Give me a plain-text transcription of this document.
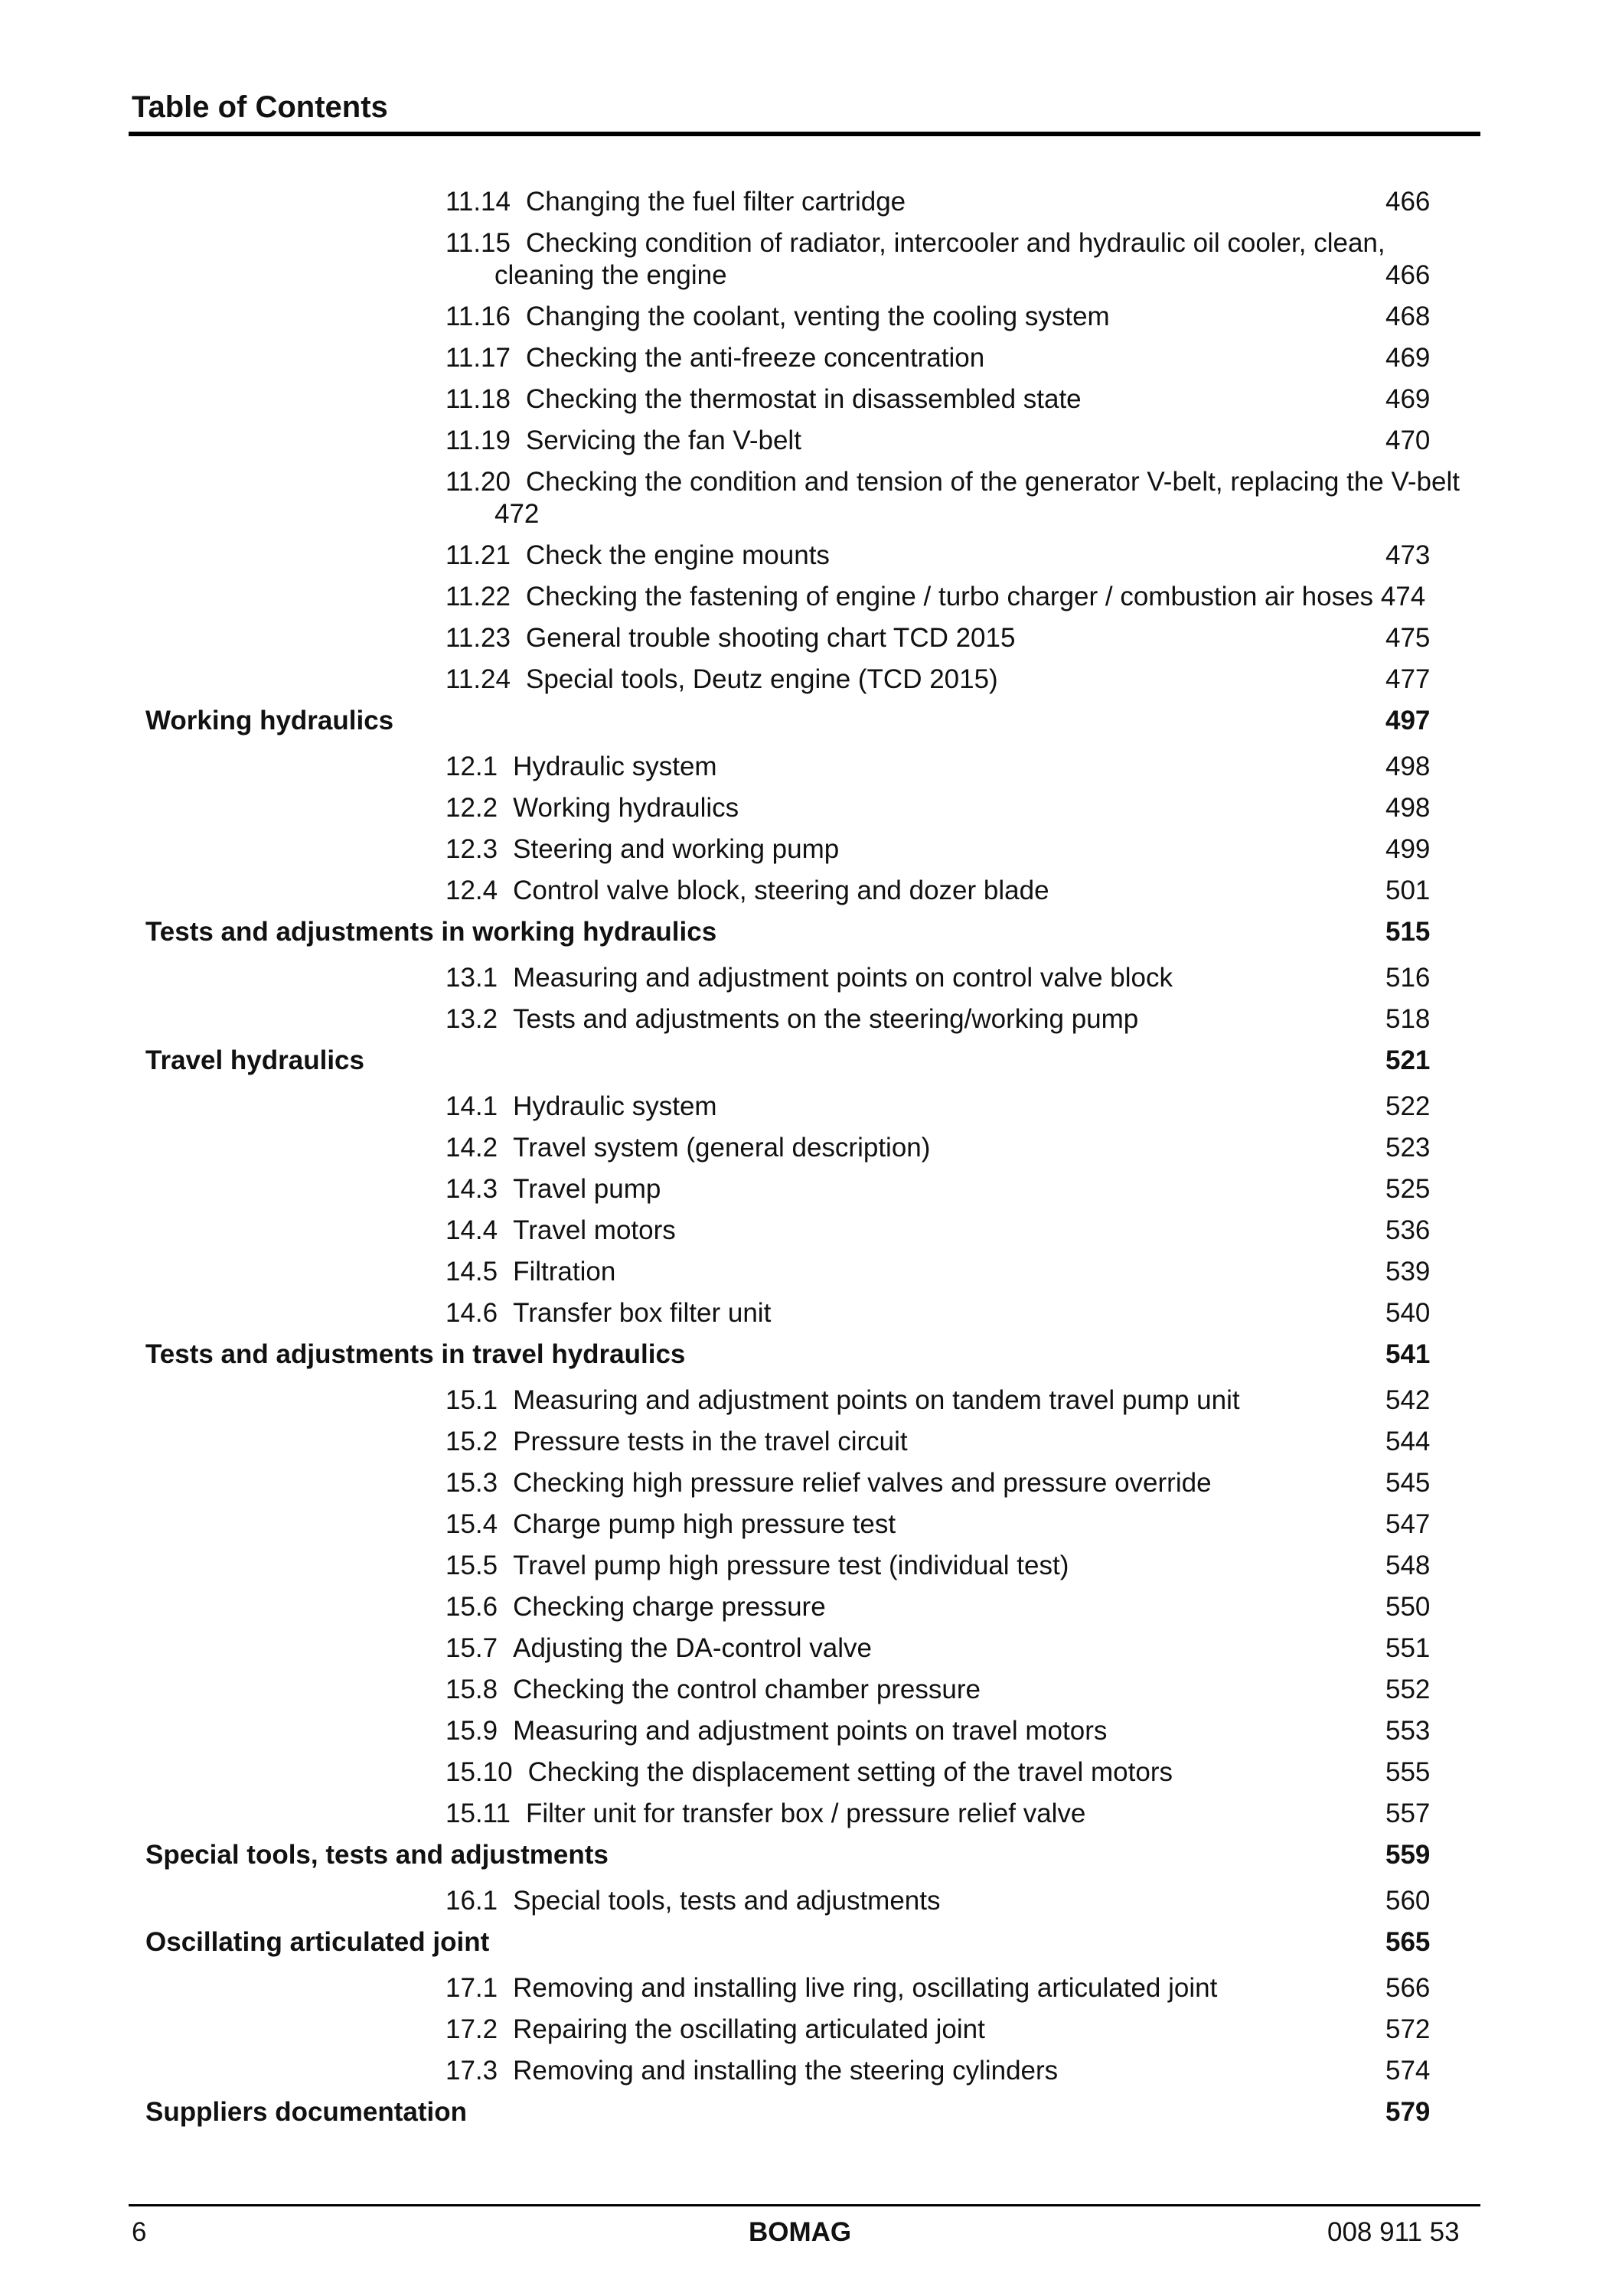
Table of Contents
11.14 Changing the fuel filter cartridge	466
11.15 Checking condition of radiator, intercooler and hydraulic oil cooler, clean,
cleaning the engine	466
11.16 Changing the coolant, venting the cooling system	468
11.17 Checking the anti-freeze concentration	469
11.18 Checking the thermostat in disassembled state	469
11.19 Servicing the fan V-belt	470
11.20 Checking the condition and tension of the generator V-belt, replacing the V-belt
472
11.21 Check the engine mounts	473
11.22 Checking the fastening of engine / turbo charger / combustion air hoses 474
11.23 General trouble shooting chart TCD 2015	475
11.24 Special tools, Deutz engine (TCD 2015)	477
Working hydraulics	497
12.1 Hydraulic system	498
12.2 Working hydraulics	498
12.3 Steering and working pump	499
12.4 Control valve block, steering and dozer blade	501
Tests and adjustments in working hydraulics	515
13.1 Measuring and adjustment points on control valve block	516
13.2 Tests and adjustments on the steering/working pump	518
Travel hydraulics	521
14.1 Hydraulic system	522
14.2 Travel system (general description)	523
14.3 Travel pump	525
14.4 Travel motors	536
14.5 Filtration	539
14.6 Transfer box filter unit	540
Tests and adjustments in travel hydraulics	541
15.1 Measuring and adjustment points on tandem travel pump unit	542
15.2 Pressure tests in the travel circuit	544
15.3 Checking high pressure relief valves and pressure override	545
15.4 Charge pump high pressure test	547
15.5 Travel pump high pressure test (individual test)	548
15.6 Checking charge pressure	550
15.7 Adjusting the DA-control valve	551
15.8 Checking the control chamber pressure	552
15.9 Measuring and adjustment points on travel motors	553
15.10 Checking the displacement setting of the travel motors	555
15.11 Filter unit for transfer box / pressure relief valve	557
Special tools, tests and adjustments	559
16.1 Special tools, tests and adjustments	560
Oscillating articulated joint	565
17.1 Removing and installing live ring, oscillating articulated joint	566
17.2 Repairing the oscillating articulated joint	572
17.3 Removing and installing the steering cylinders	574
Suppliers documentation	579
6	BOMAG	008 911 53
